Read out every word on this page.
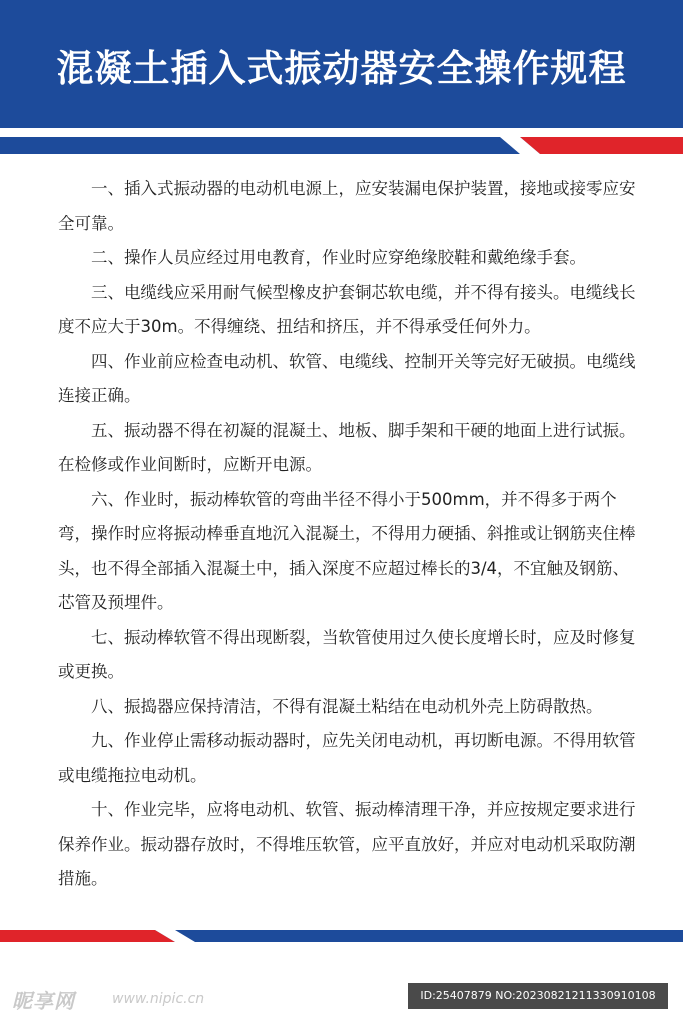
混凝土插入式振动器安全操作规程

一、插入式振动器的电动机电源上，应安装漏电保护装置，接地或接零应安全可靠。

二、操作人员应经过用电教育，作业时应穿绝缘胶鞋和戴绝缘手套。

三、电缆线应采用耐气候型橡皮护套铜芯软电缆，并不得有接头。电缆线长度不应大于30m。不得缠绕、扭结和挤压，并不得承受任何外力。

四、作业前应检查电动机、软管、电缆线、控制开关等完好无破损。电缆线连接正确。

五、振动器不得在初凝的混凝土、地板、脚手架和干硬的地面上进行试振。在检修或作业间断时，应断开电源。

六、作业时，振动棒软管的弯曲半径不得小于500mm，并不得多于两个弯，操作时应将振动棒垂直地沉入混凝土，不得用力硬插、斜推或让钢筋夹住棒头，也不得全部插入混凝土中，插入深度不应超过棒长的3/4，不宜触及钢筋、芯管及预埋件。

七、振动棒软管不得出现断裂，当软管使用过久使长度增长时，应及时修复或更换。

八、振捣器应保持清洁，不得有混凝土粘结在电动机外壳上防碍散热。

九、作业停止需移动振动器时，应先关闭电动机，再切断电源。不得用软管或电缆拖拉电动机。

十、作业完毕，应将电动机、软管、振动棒清理干净，并应按规定要求进行保养作业。振动器存放时，不得堆压软管，应平直放好，并应对电动机采取防潮措施。

昵享网	www.nipic.cn	ID:25407879 NO:20230821211330910108
